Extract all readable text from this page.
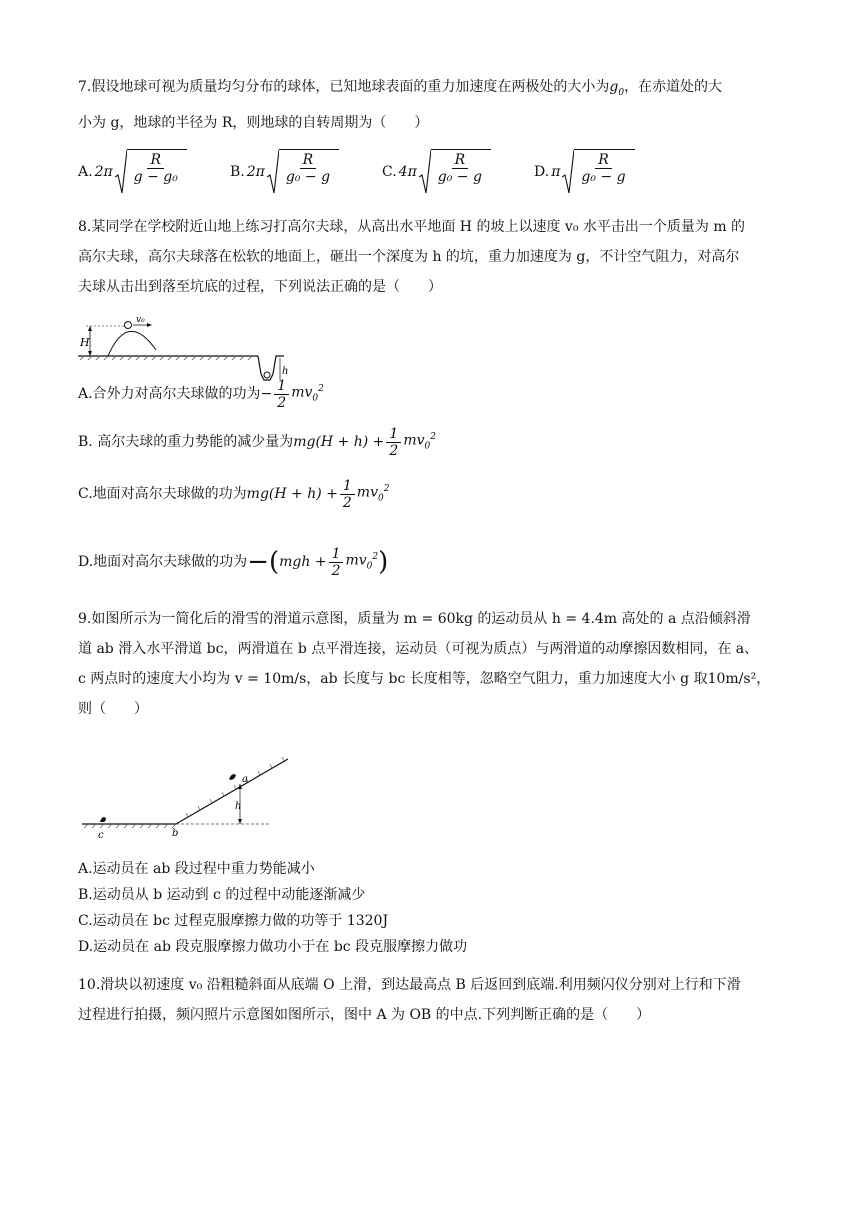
7.假设地球可视为质量均匀分布的球体，已知地球表面的重力加速度在两极处的大小为$g_0$，在赤道处的大
小为 g，地球的半径为 R，则地球的自转周期为（　　）
A. $2\pi \frac{R}{\text{g − g₀}}$	B. $2\pi \frac{R}{\text{g₀ − g}}$	C. $4\pi \frac{R}{\text{g₀ − g}}$	D. π $\frac{R}{\text{g₀ − g}}$
8.某同学在学校附近山地上练习打高尔夫球，从高出水平地面 H 的坡上以速度 v₀ 水平击出一个质量为 m 的
高尔夫球，高尔夫球落在松软的地面上，砸出一个深度为 h 的坑，重力加速度为 g，不计空气阻力，对高尔
夫球从击出到落至坑底的过程，下列说法正确的是（　　）
H
v₀
h
A.合外力对高尔夫球做的功为 − $\frac{1}{2} mv_0^2$
B. 高尔夫球的重力势能的减少量为 $mg(H + h) + \frac{1}{2} mv_0^2$
C.地面对高尔夫球做的功为 $mg(H + h) + \frac{1}{2} mv_0^2$
D.地面对高尔夫球做的功为 −( mgh + $\frac{1}{2} mv_0^2$ )
9.如图所示为一简化后的滑雪的滑道示意图，质量为 m = 60kg 的运动员从 h = 4.4m 高处的 a 点沿倾斜滑
道 ab 滑入水平滑道 bc，两滑道在 b 点平滑连接，运动员（可视为质点）与两滑道的动摩擦因数相同，在 a、
c 两点时的速度大小均为 v = 10m/s，ab 长度与 bc 长度相等，忽略空气阻力，重力加速度大小 g 取10m/s²，
则（　　）
h
a
c	b
A.运动员在 ab 段过程中重力势能减小
B.运动员从 b 运动到 c 的过程中动能逐渐减少
C.运动员在 bc 过程克服摩擦力做的功等于 1320J
D.运动员在 ab 段克服摩擦力做功小于在 bc 段克服摩擦力做功
10.滑块以初速度 v₀ 沿粗糙斜面从底端 O 上滑，到达最高点 B 后返回到底端.利用频闪仪分别对上行和下滑
过程进行拍摄，频闪照片示意图如图所示，图中 A 为 OB 的中点.下列判断正确的是（　　）
